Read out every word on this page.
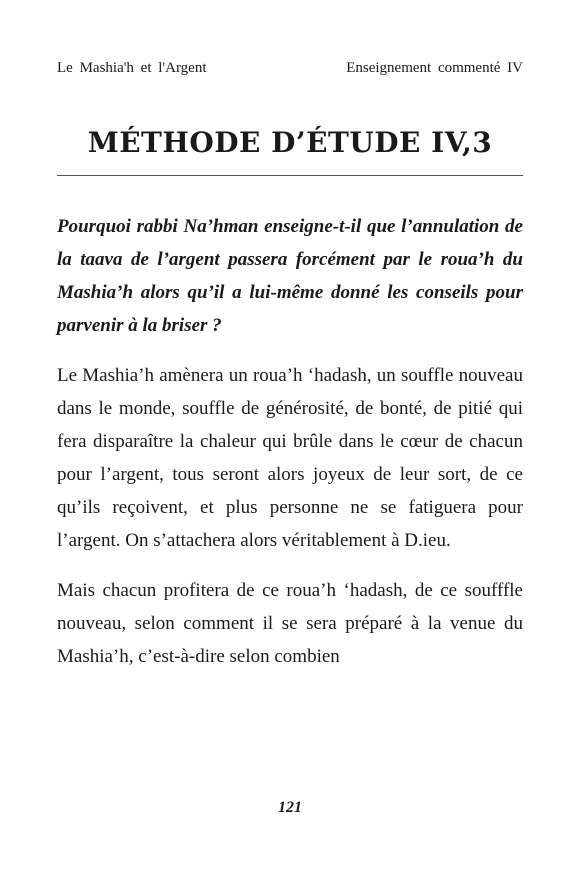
Le Mashia'h et l'Argent	Enseignement commenté IV
MÉTHODE D’ÉTUDE IV,3

Pourquoi rabbi Na’hman enseigne-t-il que l’annulation de la taava de l’argent passera forcément par le roua’h du Mashia’h alors qu’il a lui-même donné les conseils pour parvenir à la briser ?

Le Mashia’h amènera un roua’h ‘hadash, un souffle nouveau dans le monde, souffle de générosité, de bonté, de pitié qui fera disparaître la chaleur qui brûle dans le cœur de chacun pour l’argent, tous seront alors joyeux de leur sort, de ce qu’ils reçoivent, et plus personne ne se fatiguera pour l’argent. On s’attachera alors véritablement à D.ieu.

Mais chacun profitera de ce roua’h ‘hadash, de ce soufffle nouveau, selon comment il se sera préparé à la venue du Mashia’h, c’est-à-dire selon combien

121
